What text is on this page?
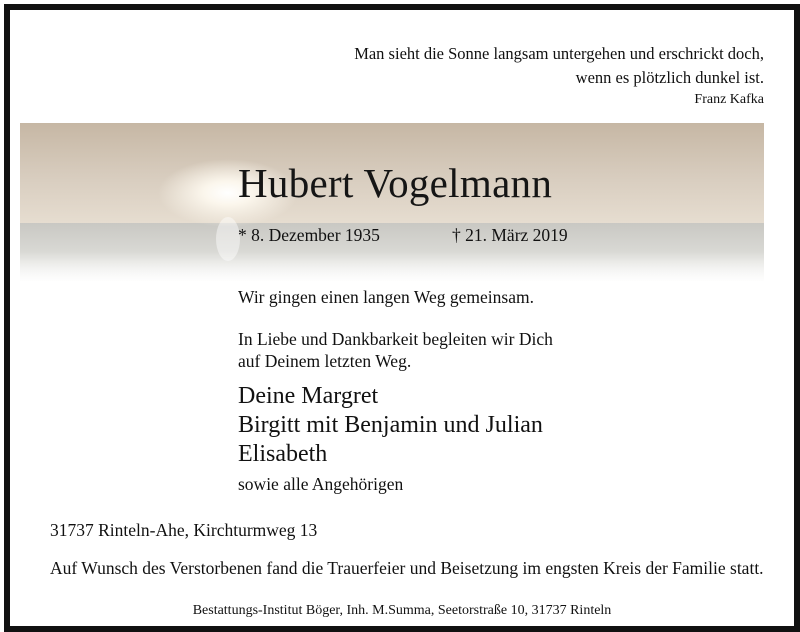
Man sieht die Sonne langsam untergehen und erschrickt doch,
wenn es plötzlich dunkel ist.
Franz Kafka
Hubert Vogelmann
* 8. Dezember 1935	† 21. März 2019
Wir gingen einen langen Weg gemeinsam.
In Liebe und Dankbarkeit begleiten wir Dich
auf Deinem letzten Weg.
Deine Margret
Birgitt mit Benjamin und Julian
Elisabeth
sowie alle Angehörigen
31737 Rinteln-Ahe, Kirchturmweg 13
Auf Wunsch des Verstorbenen fand die Trauerfeier und Beisetzung im engsten Kreis der Familie statt.
Bestattungs-Institut Böger, Inh. M.Summa, Seetorstraße 10, 31737 Rinteln
